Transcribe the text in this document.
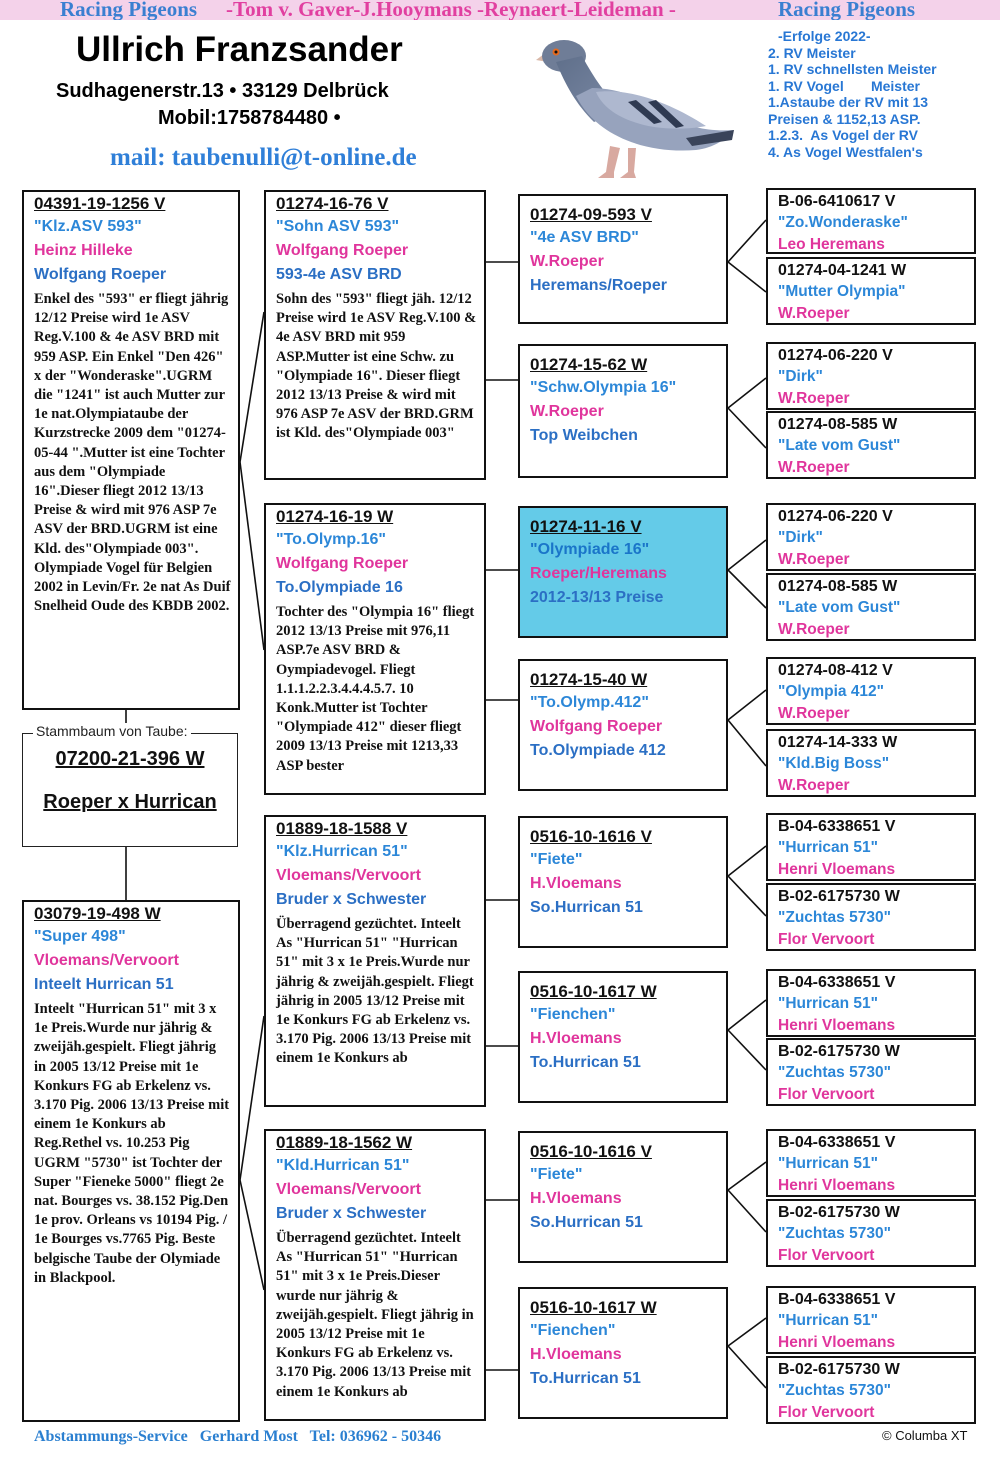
Racing Pigeons -Tom v. Gaver-J.Hooymans -Reynaert-Leideman -	Racing Pigeons
Ullrich Franzsander
Sudhagenerstr.13 • 33129 Delbrück
Mobil:1758784480 •
mail: taubenulli@t-online.de
-Erfolge 2022-
2. RV Meister
1. RV schnellsten Meister
1. RV Vogel       Meister
1.Astaube der RV mit 13
Preisen & 1152,13 ASP.
1.2.3.  As Vogel der RV
4. As Vogel Westfalen's
04391-19-1256 V
"Klz.ASV 593"
Heinz Hilleke
Wolfgang Roeper
Enkel des "593" er fliegt jährig 12/12 Preise wird 1e ASV Reg.V.100 & 4e ASV BRD mit 959 ASP. Ein Enkel "Den 426" x der "Wonderaske".UGRM die "1241" ist auch Mutter zur 1e nat.Olympiataube der Kurzstrecke 2009 dem "01274-05-44 ".Mutter ist eine Tochter aus dem "Olympiade 16".Dieser fliegt 2012 13/13 Preise & wird mit 976 ASP 7e ASV der BRD.UGRM ist eine Kld. des"Olympiade 003". Olympiade Vogel für Belgien 2002 in Levin/Fr. 2e nat As Duif Snelheid Oude des KBDB 2002.
Stammbaum von Taube:
07200-21-396 W
Roeper x Hurrican
03079-19-498 W
"Super 498"
Vloemans/Vervoort
Inteelt Hurrican 51
Inteelt "Hurrican 51" mit 3 x 1e Preis.Wurde nur jährig & zweijäh.gespielt. Fliegt jährig in 2005 13/12 Preise mit 1e Konkurs FG ab Erkelenz vs. 3.170 Pig. 2006 13/13 Preise mit einem 1e Konkurs ab Reg.Rethel vs. 10.253 Pig UGRM "5730" ist Tochter der Super "Fieneke 5000" fliegt 2e nat. Bourges vs. 38.152 Pig.Den 1e prov. Orleans vs 10194 Pig. / 1e Bourges vs.7765 Pig. Beste belgische Taube der Olymiade in Blackpool.
01274-16-76 V
"Sohn ASV 593"
Wolfgang Roeper
593-4e ASV BRD
Sohn des "593" fliegt jäh. 12/12 Preise wird 1e ASV Reg.V.100 & 4e ASV BRD mit 959 ASP.Mutter ist eine Schw. zu "Olympiade 16". Dieser fliegt 2012 13/13 Preise & wird mit 976 ASP 7e ASV der BRD.GRM ist Kld. des"Olympiade 003"
01274-16-19 W
"To.Olymp.16"
Wolfgang Roeper
To.Olympiade 16
Tochter des "Olympia 16" fliegt 2012 13/13 Preise mit 976,11 ASP.7e ASV BRD & Oympiadevogel. Fliegt 1.1.1.2.2.3.4.4.4.5.7. 10 Konk.Mutter ist Tochter "Olympiade 412" dieser fliegt 2009 13/13 Preise mit 1213,33 ASP bester
01889-18-1588 V
"Klz.Hurrican 51"
Vloemans/Vervoort
Bruder x Schwester
Überragend gezüchtet. Inteelt As "Hurrican 51" "Hurrican 51" mit 3 x 1e Preis.Wurde nur jährig & zweijäh.gespielt. Fliegt jährig in 2005 13/12 Preise mit 1e Konkurs FG ab Erkelenz vs. 3.170 Pig. 2006 13/13 Preise mit einem 1e Konkurs ab
01889-18-1562 W
"Kld.Hurrican 51"
Vloemans/Vervoort
Bruder x Schwester
Überragend gezüchtet. Inteelt As "Hurrican 51" "Hurrican 51" mit 3 x 1e Preis.Dieser wurde nur jährig & zweijäh.gespielt. Fliegt jährig in 2005 13/12 Preise mit 1e Konkurs FG ab Erkelenz vs. 3.170 Pig. 2006 13/13 Preise mit einem 1e Konkurs ab
01274-09-593 V
"4e ASV BRD"
W.Roeper
Heremans/Roeper
01274-15-62 W
"Schw.Olympia 16"
W.Roeper
Top Weibchen
01274-11-16 V
"Olympiade 16"
Roeper/Heremans
2012-13/13 Preise
01274-15-40 W
"To.Olymp.412"
Wolfgang Roeper
To.Olympiade 412
0516-10-1616 V
"Fiete"
H.Vloemans
So.Hurrican 51
0516-10-1617 W
"Fienchen"
H.Vloemans
To.Hurrican 51
0516-10-1616 V
"Fiete"
H.Vloemans
So.Hurrican 51
0516-10-1617 W
"Fienchen"
H.Vloemans
To.Hurrican 51
B-06-6410617 V
"Zo.Wonderaske"
Leo Heremans
01274-04-1241 W
"Mutter Olympia"
W.Roeper
01274-06-220 V
"Dirk"
W.Roeper
01274-08-585 W
"Late vom Gust"
W.Roeper
01274-06-220 V
"Dirk"
W.Roeper
01274-08-585 W
"Late vom Gust"
W.Roeper
01274-08-412 V
"Olympia 412"
W.Roeper
01274-14-333 W
"Kld.Big Boss"
W.Roeper
B-04-6338651 V
"Hurrican 51"
Henri Vloemans
B-02-6175730 W
"Zuchtas 5730"
Flor Vervoort
B-04-6338651 V
"Hurrican 51"
Henri Vloemans
B-02-6175730 W
"Zuchtas 5730"
Flor Vervoort
B-04-6338651 V
"Hurrican 51"
Henri Vloemans
B-02-6175730 W
"Zuchtas 5730"
Flor Vervoort
B-04-6338651 V
"Hurrican 51"
Henri Vloemans
B-02-6175730 W
"Zuchtas 5730"
Flor Vervoort
Abstammungs-Service   Gerhard Most   Tel: 036962 - 50346	© Columba XT
